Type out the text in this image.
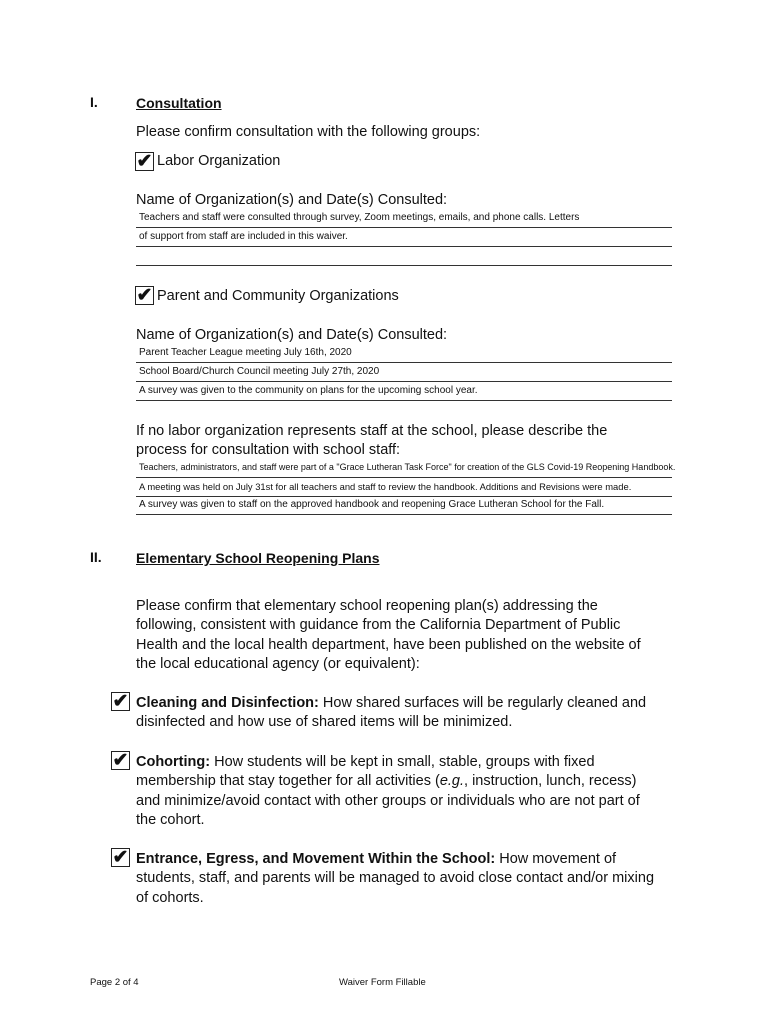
I.	Consultation
Please confirm consultation with the following groups:
✔ Labor Organization
Name of Organization(s) and Date(s) Consulted:
Teachers and staff were consulted through survey, Zoom meetings, emails, and phone calls. Letters
of support from staff are included in this waiver.
✔ Parent and Community Organizations
Name of Organization(s) and Date(s) Consulted:
Parent Teacher League meeting July 16th, 2020
School Board/Church Council meeting July 27th, 2020
A survey was given to the community on plans for the upcoming school year.
If no labor organization represents staff at the school, please describe the
process for consultation with school staff:
Teachers, administrators, and staff were part of a "Grace Lutheran Task Force" for creation of the GLS Covid-19 Reopening Handbook.
A meeting was held on July 31st for all teachers and staff to review the handbook. Additions and Revisions were made.
A survey was given to staff on the approved handbook and reopening Grace Lutheran School for the Fall.
II. Elementary School Reopening Plans
Please confirm that elementary school reopening plan(s) addressing the
following, consistent with guidance from the California Department of Public
Health and the local health department, have been published on the website of
the local educational agency (or equivalent):
✔ Cleaning and Disinfection: How shared surfaces will be regularly cleaned and
disinfected and how use of shared items will be minimized.
✔ Cohorting: How students will be kept in small, stable, groups with fixed
membership that stay together for all activities (e.g., instruction, lunch, recess)
and minimize/avoid contact with other groups or individuals who are not part of
the cohort.
✔ Entrance, Egress, and Movement Within the School: How movement of
students, staff, and parents will be managed to avoid close contact and/or mixing
of cohorts.
Page 2 of 4	Waiver Form Fillable
